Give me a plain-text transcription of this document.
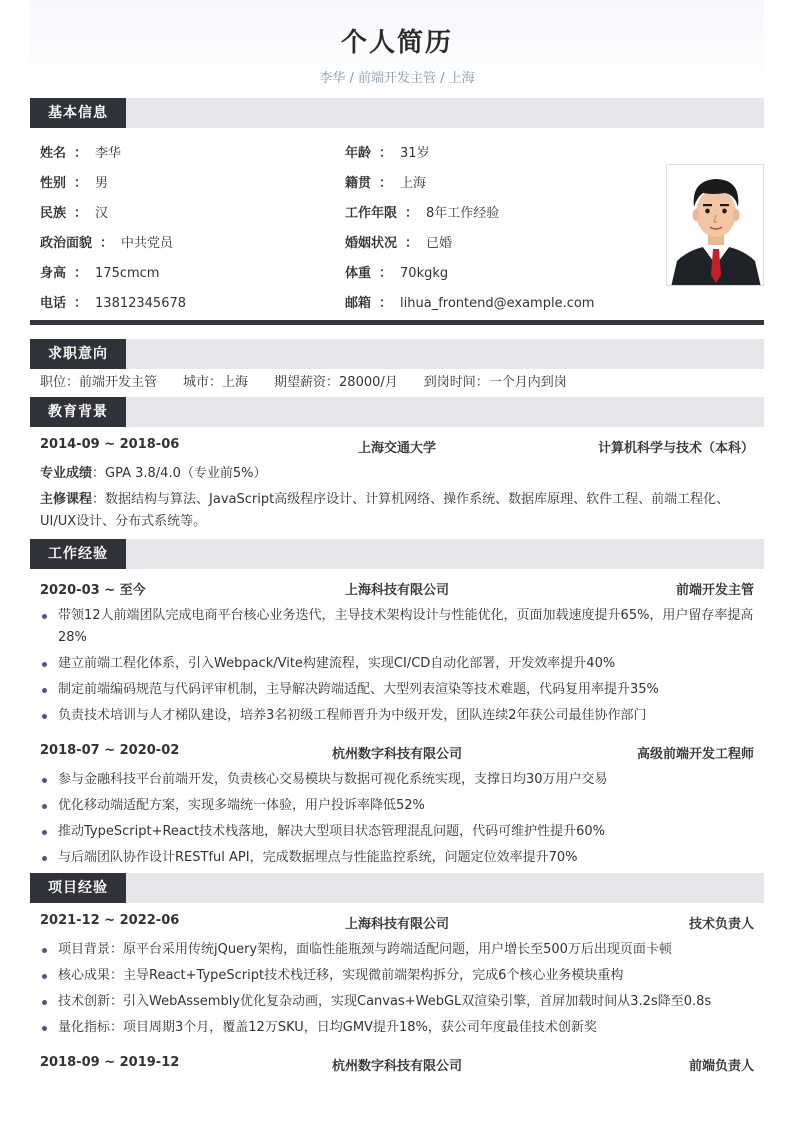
个人简历
李华 / 前端开发主管 / 上海
基本信息
姓名 ： 李华	年龄 ： 31岁
性别 ： 男	籍贯 ： 上海
民族 ： 汉	工作年限 ： 8年工作经验
政治面貌 ： 中共党员	婚姻状况 ： 已婚
身高 ： 175cmcm	体重 ： 70kgkg
电话 ： 13812345678	邮箱 ： lihua_frontend@example.com
求职意向
职位：前端开发主管 城市：上海 期望薪资：28000/月 到岗时间：一个月内到岗
教育背景
2014-09 ~ 2018-06	上海交通大学	计算机科学与技术（本科）
专业成绩：GPA 3.8/4.0（专业前5%）
主修课程：数据结构与算法、JavaScript高级程序设计、计算机网络、操作系统、数据库原理、软件工程、前端工程化、UI/UX设计、分布式系统等。
工作经验
2020-03 ~ 至今	上海科技有限公司	前端开发主管
带领12人前端团队完成电商平台核心业务迭代，主导技术架构设计与性能优化，页面加载速度提升65%，用户留存率提高28%
建立前端工程化体系，引入Webpack/Vite构建流程，实现CI/CD自动化部署，开发效率提升40%
制定前端编码规范与代码评审机制，主导解决跨端适配、大型列表渲染等技术难题，代码复用率提升35%
负责技术培训与人才梯队建设，培养3名初级工程师晋升为中级开发，团队连续2年获公司最佳协作部门
2018-07 ~ 2020-02	杭州数字科技有限公司	高级前端开发工程师
参与金融科技平台前端开发，负责核心交易模块与数据可视化系统实现，支撑日均30万用户交易
优化移动端适配方案，实现多端统一体验，用户投诉率降低52%
推动TypeScript+React技术栈落地，解决大型项目状态管理混乱问题，代码可维护性提升60%
与后端团队协作设计RESTful API，完成数据埋点与性能监控系统，问题定位效率提升70%
项目经验
2021-12 ~ 2022-06	上海科技有限公司	技术负责人
项目背景：原平台采用传统jQuery架构，面临性能瓶颈与跨端适配问题，用户增长至500万后出现页面卡顿
核心成果：主导React+TypeScript技术栈迁移，实现微前端架构拆分，完成6个核心业务模块重构
技术创新：引入WebAssembly优化复杂动画，实现Canvas+WebGL双渲染引擎，首屏加载时间从3.2s降至0.8s
量化指标：项目周期3个月，覆盖12万SKU，日均GMV提升18%，获公司年度最佳技术创新奖
2018-09 ~ 2019-12	杭州数字科技有限公司	前端负责人
